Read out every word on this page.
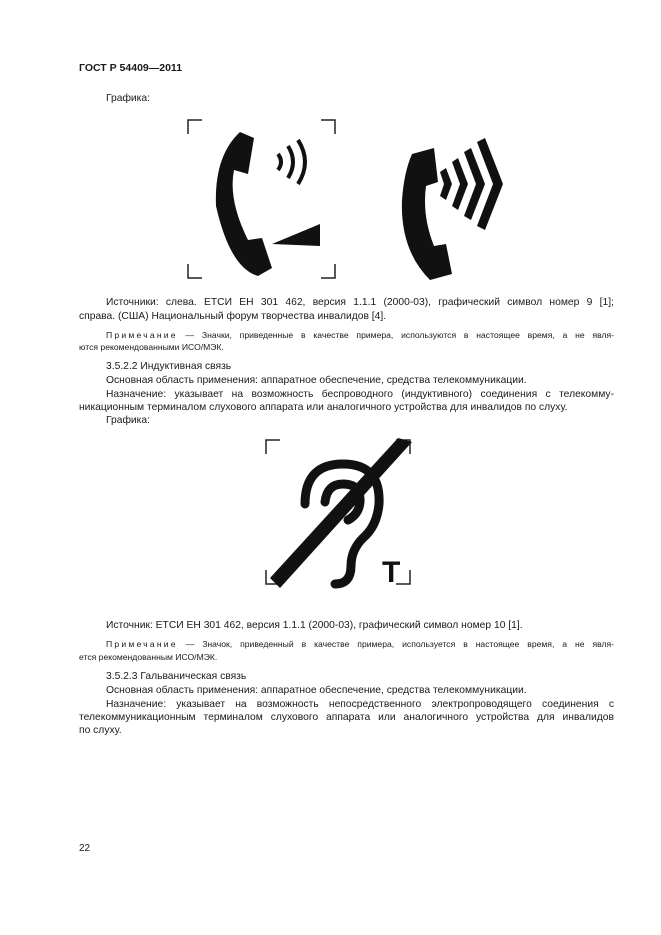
ГОСТ Р 54409—2011
Графика:
Источники: слева. ЕТСИ ЕН 301 462, версия 1.1.1 (2000-03), графический символ номер 9 [1];
справа. (США) Национальный форум творчества инвалидов [4].
Примечание — Значки, приведенные в качестве примера, используются в настоящее время, а не явля-
ются рекомендованными ИСО/МЭК.
3.5.2.2 Индуктивная связь
Основная область применения: аппаратное обеспечение, средства телекоммуникации.
Назначение: указывает на возможность беспроводного (индуктивного) соединения с телекомму-
никационным терминалом слухового аппарата или аналогичного устройства для инвалидов по слуху.
Графика:
T
Источник: ЕТСИ ЕН 301 462, версия 1.1.1 (2000-03), графический символ номер 10 [1].
Примечание — Значок, приведенный в качестве примера, используется в настоящее время, а не явля-
ется рекомендованным ИСО/МЭК.
3.5.2.3 Гальваническая связь
Основная область применения: аппаратное обеспечение, средства телекоммуникации.
Назначение: указывает на возможность непосредственного электропроводящего соединения с
телекоммуникационным терминалом слухового аппарата или аналогичного устройства для инвалидов
по слуху.
22
